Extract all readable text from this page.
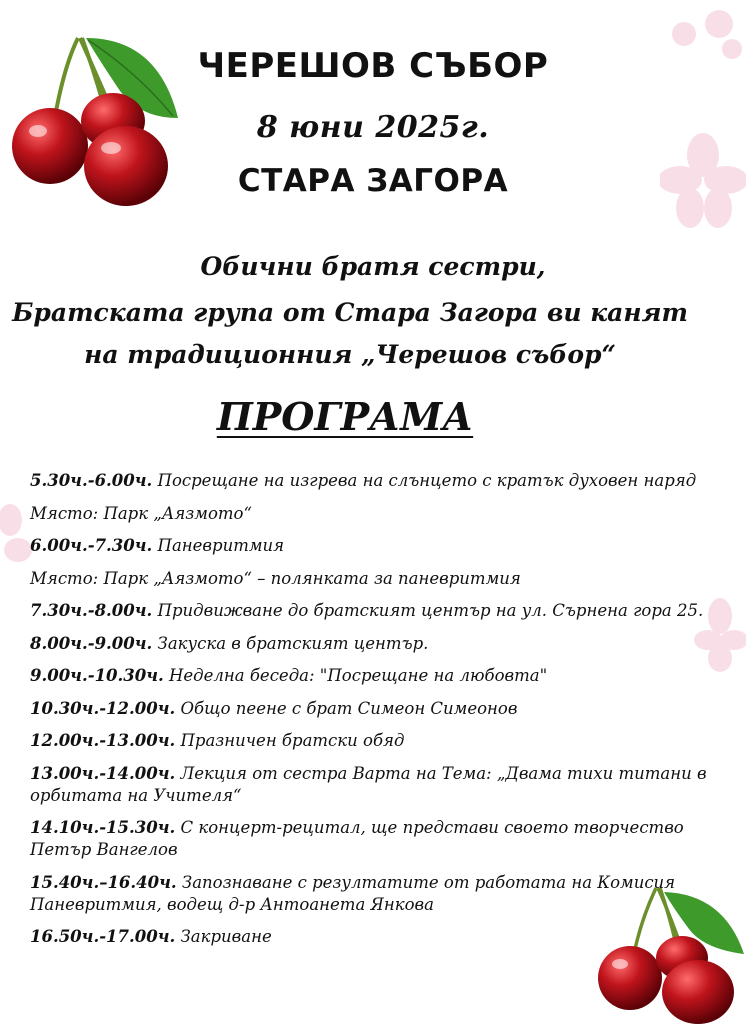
ЧЕРЕШОВ СЪБОР
8 юни 2025г.
СТАРА ЗАГОРА
Обични братя сестри,
Братската група от Стара Загора ви канят
на традиционния „Черешов събор“
ПРОГРАМА
5.30ч.-6.00ч. Посрещане на изгрева на слънцето с кратък духовен наряд
Място: Парк „Аязмото“
6.00ч.-7.30ч. Паневритмия
Място: Парк „Аязмото“ – полянката за паневритмия
7.30ч.-8.00ч. Придвижване до братският център на ул. Сърнена гора 25.
8.00ч.-9.00ч. Закуска в братският център.
9.00ч.-10.30ч. Неделна беседа: "Посрещане на любовта"
10.30ч.-12.00ч. Общо пеене с брат Симеон Симеонов
12.00ч.-13.00ч. Празничен братски обяд
13.00ч.-14.00ч. Лекция от сестра Варта на Тема: „Двама тихи титани в орбитата на Учителя“
14.10ч.-15.30ч. С концерт-рецитал, ще представи своето творчество Петър Вангелов
15.40ч.–16.40ч. Запознаване с резултатите от работата на Комисия Паневритмия, водещ д-р Антоанета Янкова
16.50ч.-17.00ч. Закриване
